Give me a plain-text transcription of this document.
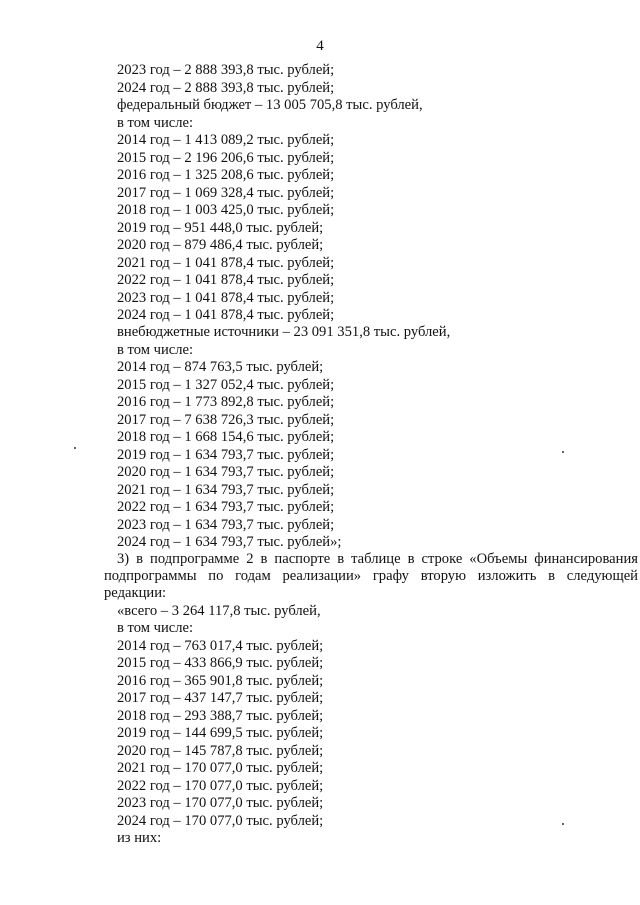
4
2023 год – 2 888 393,8 тыс. рублей;
2024 год – 2 888 393,8 тыс. рублей;
федеральный бюджет – 13 005 705,8 тыс. рублей,
в том числе:
2014 год – 1 413 089,2 тыс. рублей;
2015 год – 2 196 206,6 тыс. рублей;
2016 год – 1 325 208,6 тыс. рублей;
2017 год – 1 069 328,4 тыс. рублей;
2018 год – 1 003 425,0 тыс. рублей;
2019 год – 951 448,0 тыс. рублей;
2020 год – 879 486,4 тыс. рублей;
2021 год – 1 041 878,4 тыс. рублей;
2022 год – 1 041 878,4 тыс. рублей;
2023 год – 1 041 878,4 тыс. рублей;
2024 год – 1 041 878,4 тыс. рублей;
внебюджетные источники – 23 091 351,8 тыс. рублей,
в том числе:
2014 год – 874 763,5 тыс. рублей;
2015 год – 1 327 052,4 тыс. рублей;
2016 год – 1 773 892,8 тыс. рублей;
2017 год – 7 638 726,3 тыс. рублей;
2018 год – 1 668 154,6 тыс. рублей;
2019 год – 1 634 793,7 тыс. рублей;
2020 год – 1 634 793,7 тыс. рублей;
2021 год – 1 634 793,7 тыс. рублей;
2022 год – 1 634 793,7 тыс. рублей;
2023 год – 1 634 793,7 тыс. рублей;
2024 год – 1 634 793,7 тыс. рублей»;
3) в подпрограмме 2 в паспорте в таблице в строке «Объемы финансирования
подпрограммы по годам реализации» графу вторую изложить в следующей
редакции:
«всего – 3 264 117,8 тыс. рублей,
в том числе:
2014 год – 763 017,4 тыс. рублей;
2015 год – 433 866,9 тыс. рублей;
2016 год – 365 901,8 тыс. рублей;
2017 год – 437 147,7 тыс. рублей;
2018 год – 293 388,7 тыс. рублей;
2019 год – 144 699,5 тыс. рублей;
2020 год – 145 787,8 тыс. рублей;
2021 год – 170 077,0 тыс. рублей;
2022 год – 170 077,0 тыс. рублей;
2023 год – 170 077,0 тыс. рублей;
2024 год – 170 077,0 тыс. рублей;
из них:
